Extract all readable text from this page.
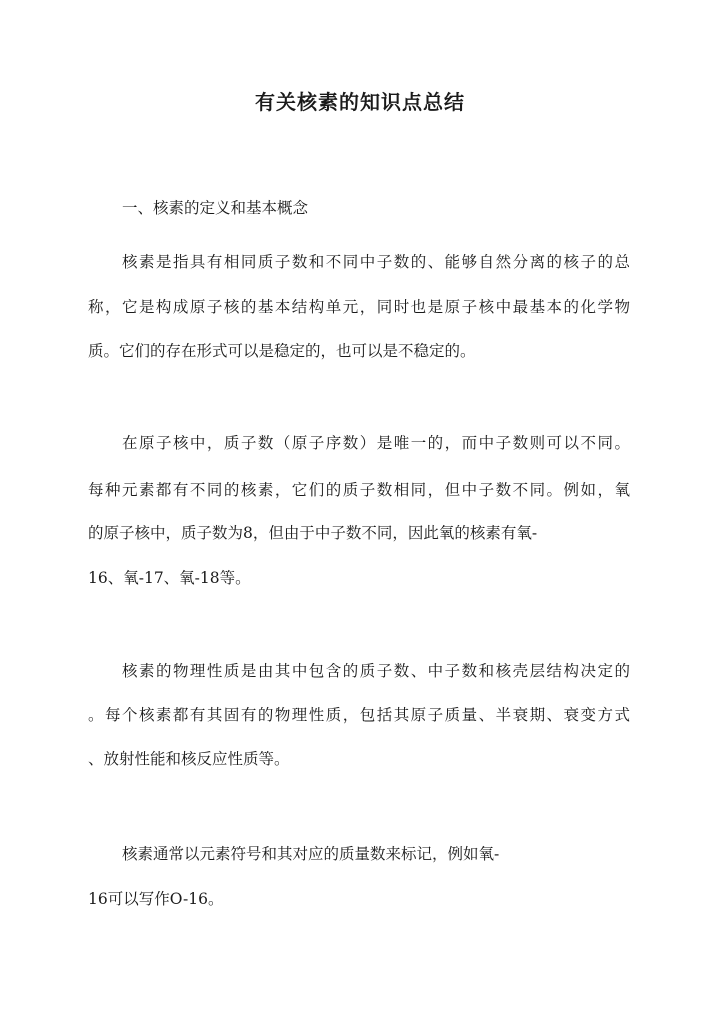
有关核素的知识点总结

一、核素的定义和基本概念

核素是指具有相同质子数和不同中子数的、能够自然分离的核子的总

称，它是构成原子核的基本结构单元，同时也是原子核中最基本的化学物

质。它们的存在形式可以是稳定的，也可以是不稳定的。

在原子核中，质子数（原子序数）是唯一的，而中子数则可以不同。

每种元素都有不同的核素，它们的质子数相同，但中子数不同。例如，氧

的原子核中，质子数为8，但由于中子数不同，因此氧的核素有氧-

16、氧-17、氧-18等。

核素的物理性质是由其中包含的质子数、中子数和核壳层结构决定的

。每个核素都有其固有的物理性质，包括其原子质量、半衰期、衰变方式

、放射性能和核反应性质等。

核素通常以元素符号和其对应的质量数来标记，例如氧-

16可以写作O-16。
